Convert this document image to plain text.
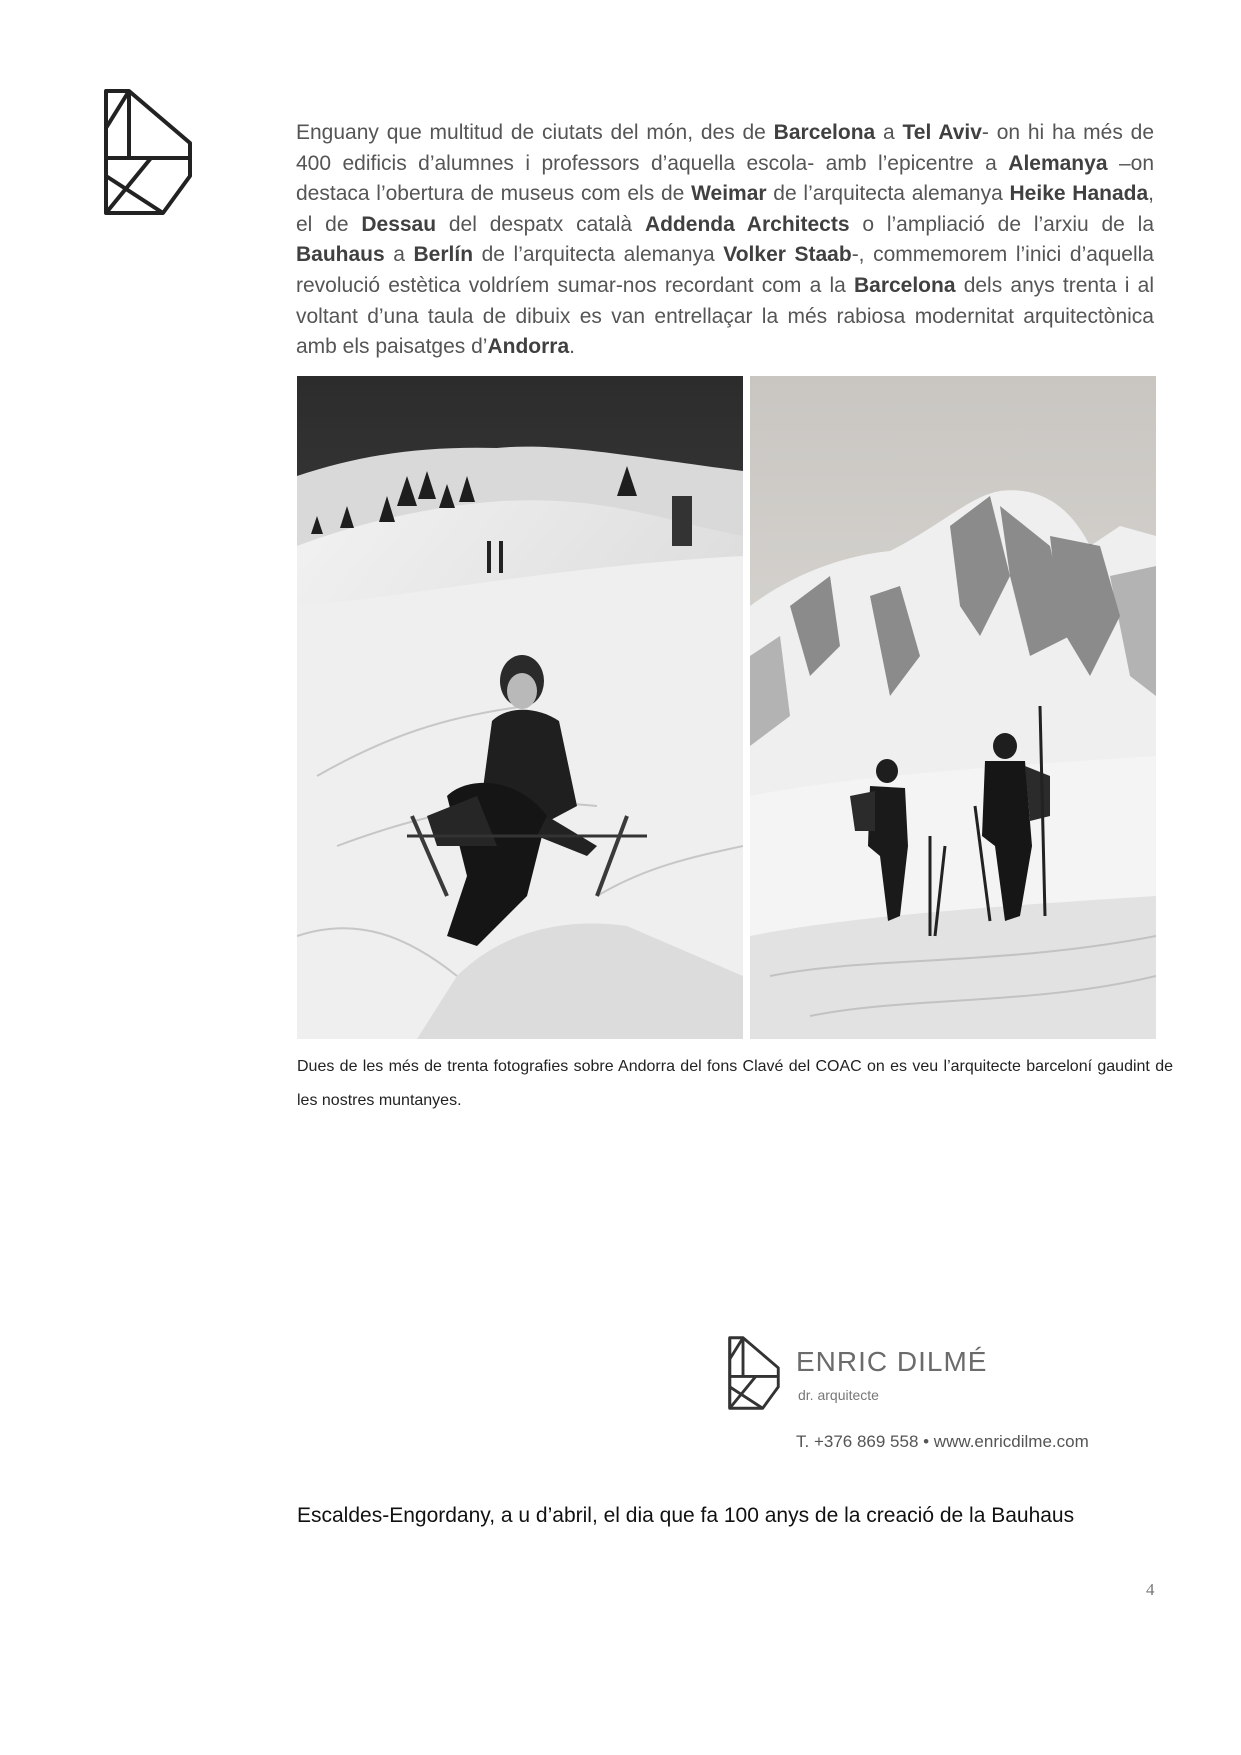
Enguany que multitud de ciutats del món, des de Barcelona a Tel Aviv- on hi ha més de 400 edificis d’alumnes i professors d’aquella escola- amb l’epicentre a Alemanya –on destaca l’obertura de museus com els de Weimar de l’arquitecta alemanya Heike Hanada, el de Dessau del despatx català Addenda Architects o l’ampliació de l’arxiu de la Bauhaus a Berlín de l’arquitecta alemanya Volker Staab-, commemorem l’inici d’aquella revolució estètica voldríem sumar-nos recordant com a la Barcelona dels anys trenta i al voltant d’una taula de dibuix es van entrellaçar la més rabiosa modernitat arquitectònica amb els paisatges d’Andorra.
Dues de les més de trenta fotografies sobre Andorra del fons Clavé del COAC on es veu l’arquitecte barceloní gaudint de les nostres muntanyes.
ENRIC DILMÉ
dr. arquitecte
T. +376 869 558 • www.enricdilme.com
Escaldes-Engordany, a u d’abril, el dia que fa 100 anys de la creació de la Bauhaus
4
